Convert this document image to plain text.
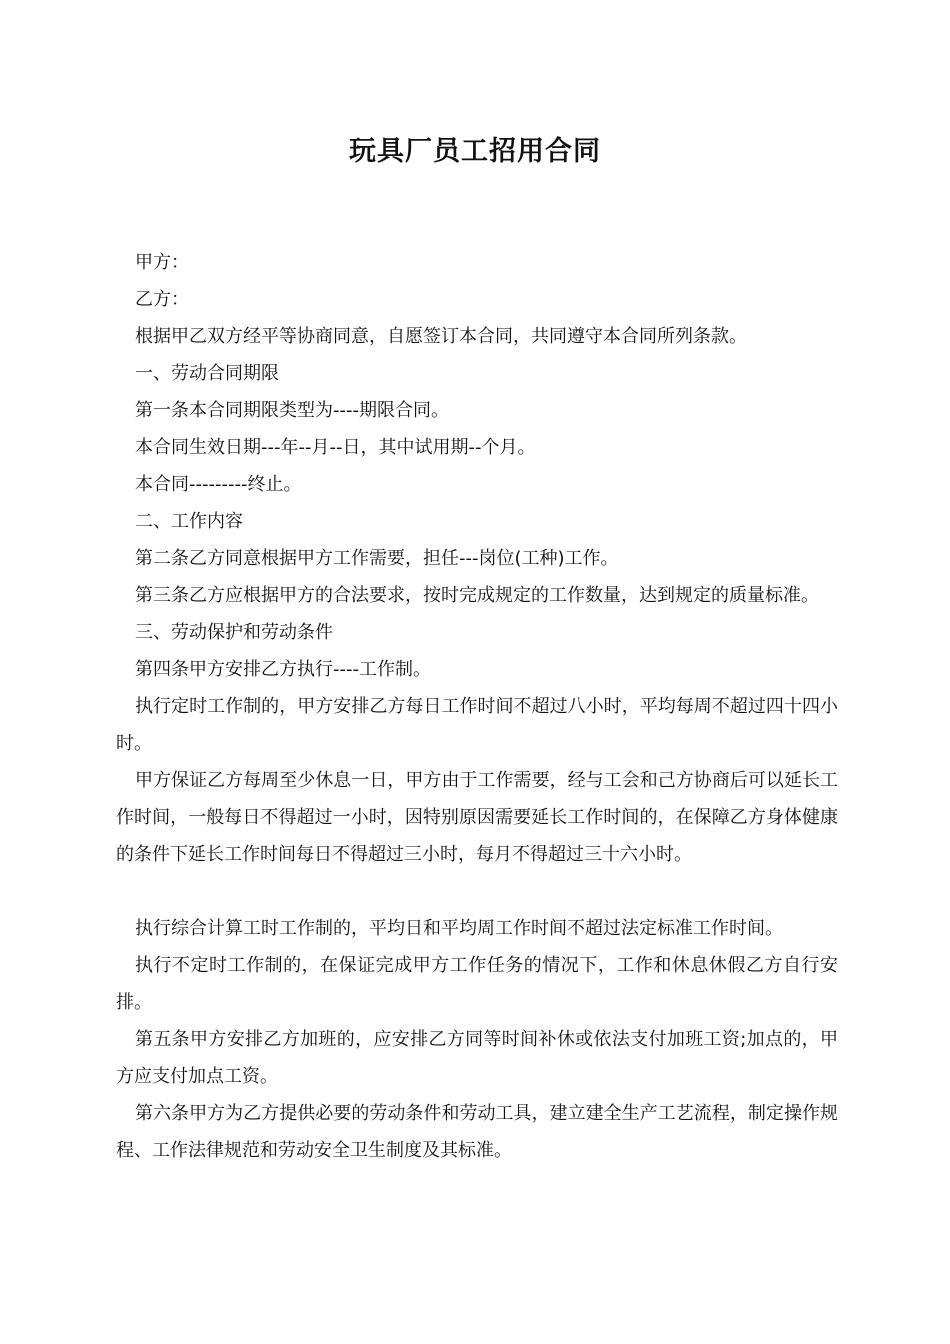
玩具厂员工招用合同

甲方：

乙方：

根据甲乙双方经平等协商同意，自愿签订本合同，共同遵守本合同所列条款。

一、劳动合同期限

第一条本合同期限类型为----期限合同。

本合同生效日期---年--月--日，其中试用期--个月。

本合同---------终止。

二、工作内容

第二条乙方同意根据甲方工作需要，担任---岗位(工种)工作。

第三条乙方应根据甲方的合法要求，按时完成规定的工作数量，达到规定的质量标准。

三、劳动保护和劳动条件

第四条甲方安排乙方执行----工作制。

执行定时工作制的，甲方安排乙方每日工作时间不超过八小时，平均每周不超过四十四小时。

甲方保证乙方每周至少休息一日，甲方由于工作需要，经与工会和己方协商后可以延长工作时间，一般每日不得超过一小时，因特别原因需要延长工作时间的，在保障乙方身体健康的条件下延长工作时间每日不得超过三小时，每月不得超过三十六小时。

执行综合计算工时工作制的，平均日和平均周工作时间不超过法定标准工作时间。

执行不定时工作制的，在保证完成甲方工作任务的情况下，工作和休息休假乙方自行安排。

第五条甲方安排乙方加班的，应安排乙方同等时间补休或依法支付加班工资;加点的，甲方应支付加点工资。

第六条甲方为乙方提供必要的劳动条件和劳动工具，建立建全生产工艺流程，制定操作规程、工作法律规范和劳动安全卫生制度及其标准。
